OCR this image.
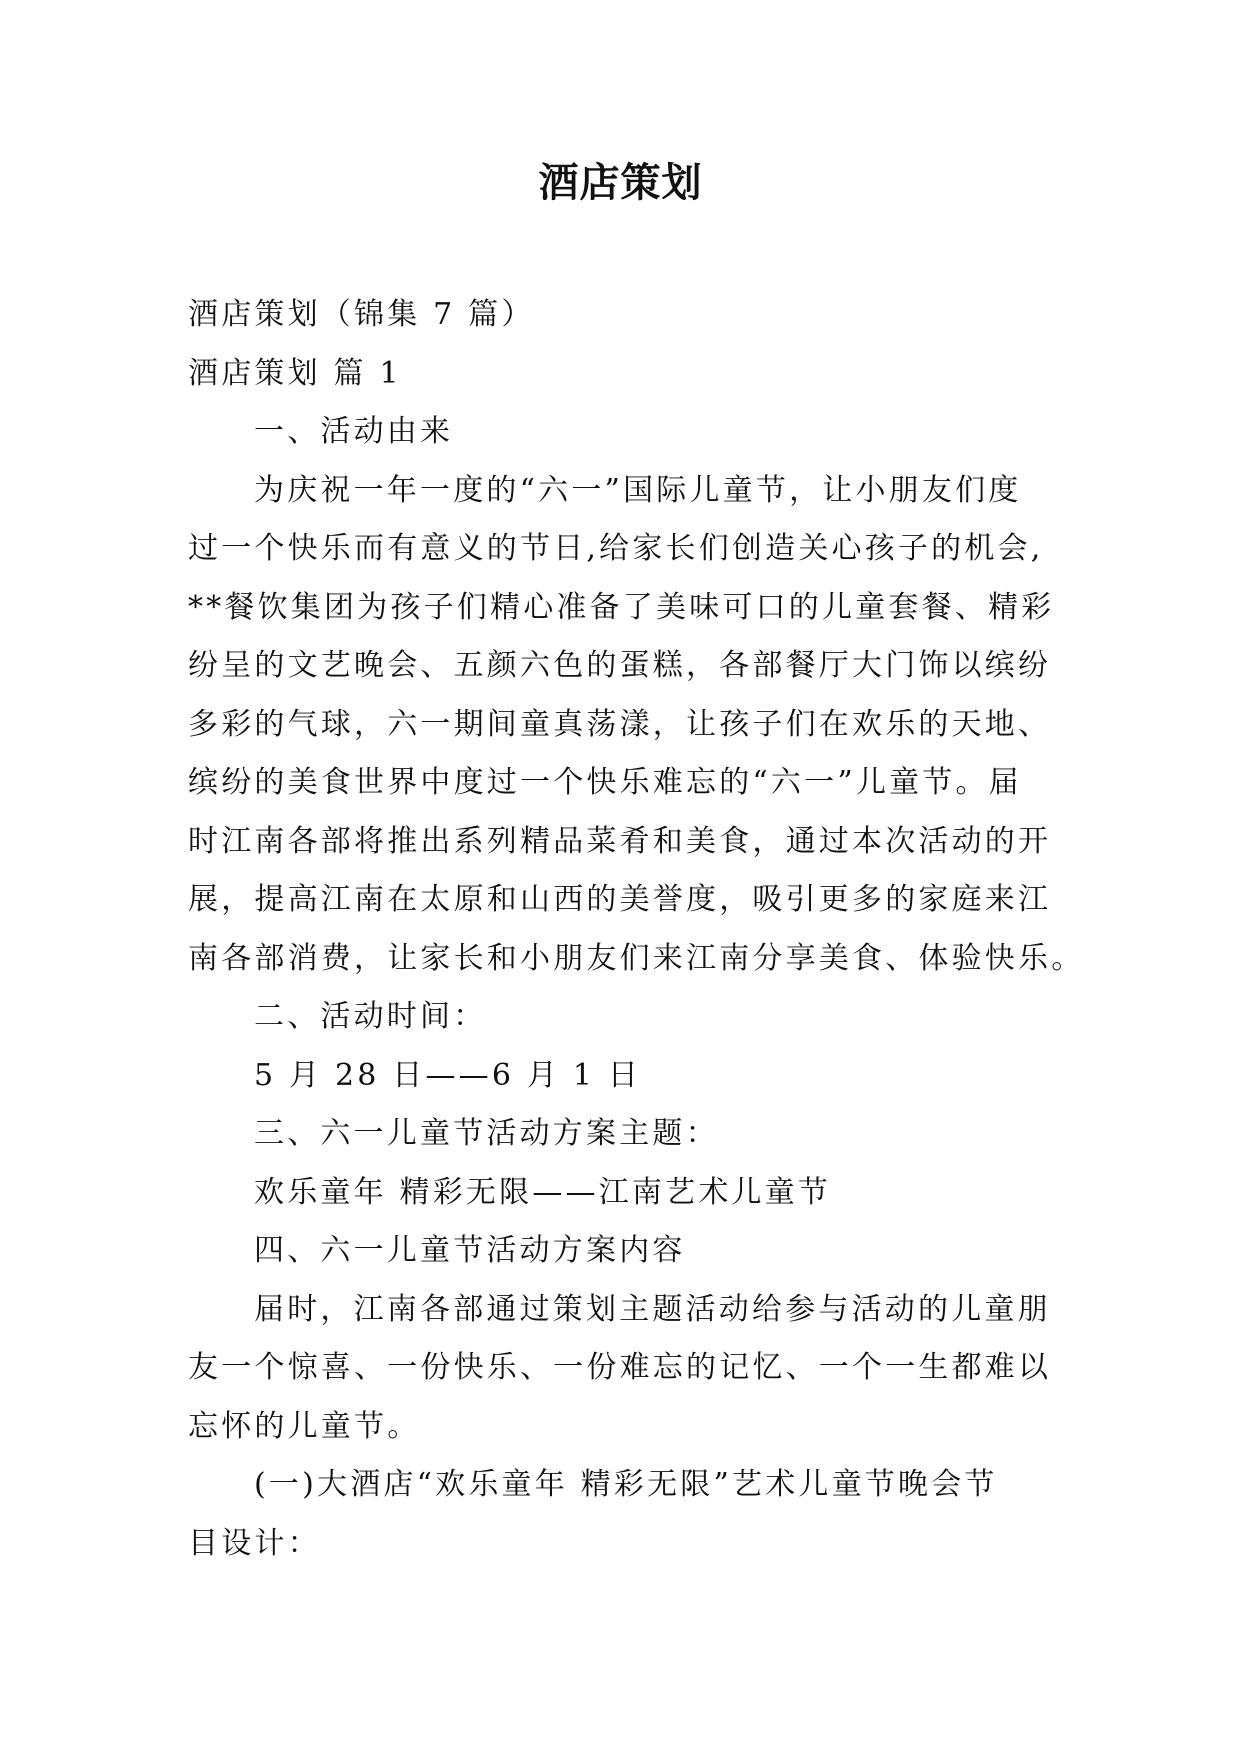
酒店策划
酒店策划（锦集 7 篇）
酒店策划 篇 1
一、活动由来
为庆祝一年一度的“六一”国际儿童节，让小朋友们度
过一个快乐而有意义的节日,给家长们创造关心孩子的机会,
**餐饮集团为孩子们精心准备了美味可口的儿童套餐、精彩
纷呈的文艺晚会、五颜六色的蛋糕，各部餐厅大门饰以缤纷
多彩的气球，六一期间童真荡漾，让孩子们在欢乐的天地、
缤纷的美食世界中度过一个快乐难忘的“六一”儿童节。届
时江南各部将推出系列精品菜肴和美食，通过本次活动的开
展，提高江南在太原和山西的美誉度，吸引更多的家庭来江
南各部消费，让家长和小朋友们来江南分享美食、体验快乐。
二、活动时间：
5 月 28 日——6 月 1 日
三、六一儿童节活动方案主题：
欢乐童年 精彩无限——江南艺术儿童节
四、六一儿童节活动方案内容
届时，江南各部通过策划主题活动给参与活动的儿童朋
友一个惊喜、一份快乐、一份难忘的记忆、一个一生都难以
忘怀的儿童节。
(一)大酒店“欢乐童年 精彩无限”艺术儿童节晚会节
目设计：
